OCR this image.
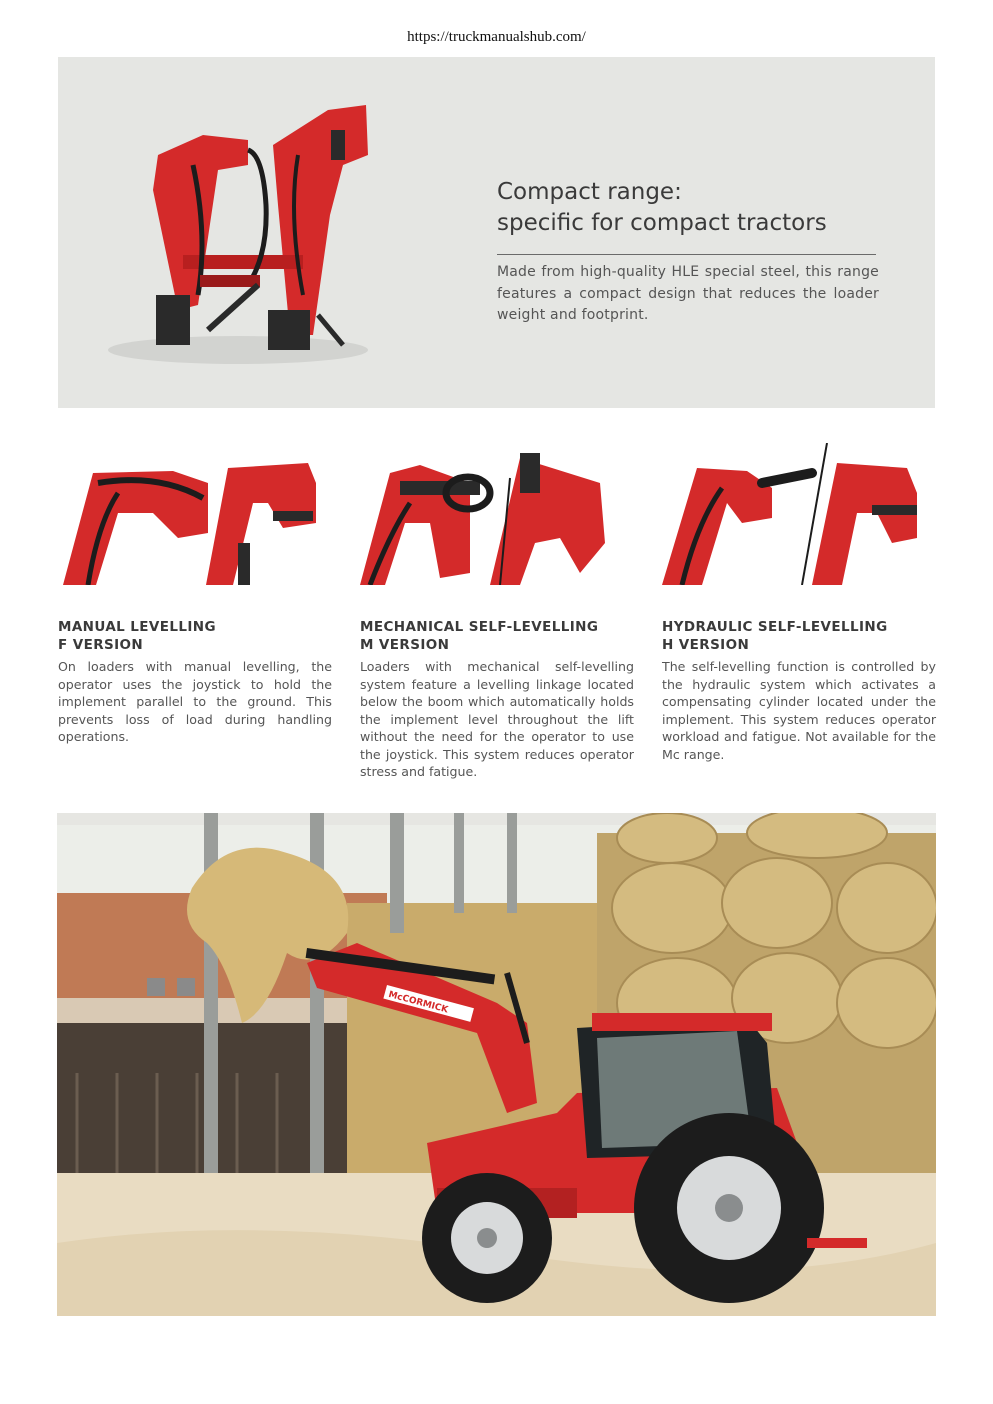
https://truckmanualshub.com/
Compact range:
specific for compact tractors
Made from high-quality HLE special steel, this range features a compact design that reduces the loader weight and footprint.
MANUAL LEVELLING
F VERSION

On loaders with manual levelling, the operator uses the joystick to hold the implement parallel to the ground. This prevents loss of load during handling operations.

MECHANICAL SELF-LEVELLING
M VERSION

Loaders with mechanical self-levelling system feature a levelling linkage located below the boom which automatically holds the implement level throughout the lift without the need for the operator to use the joystick. This system reduces operator stress and fatigue.

HYDRAULIC SELF-LEVELLING
H VERSION

The self-levelling function is controlled by the hydraulic system which activates a compensating cylinder located under the implement. This system reduces operator workload and fatigue. Not available for the Mc range.

McCORMICK
